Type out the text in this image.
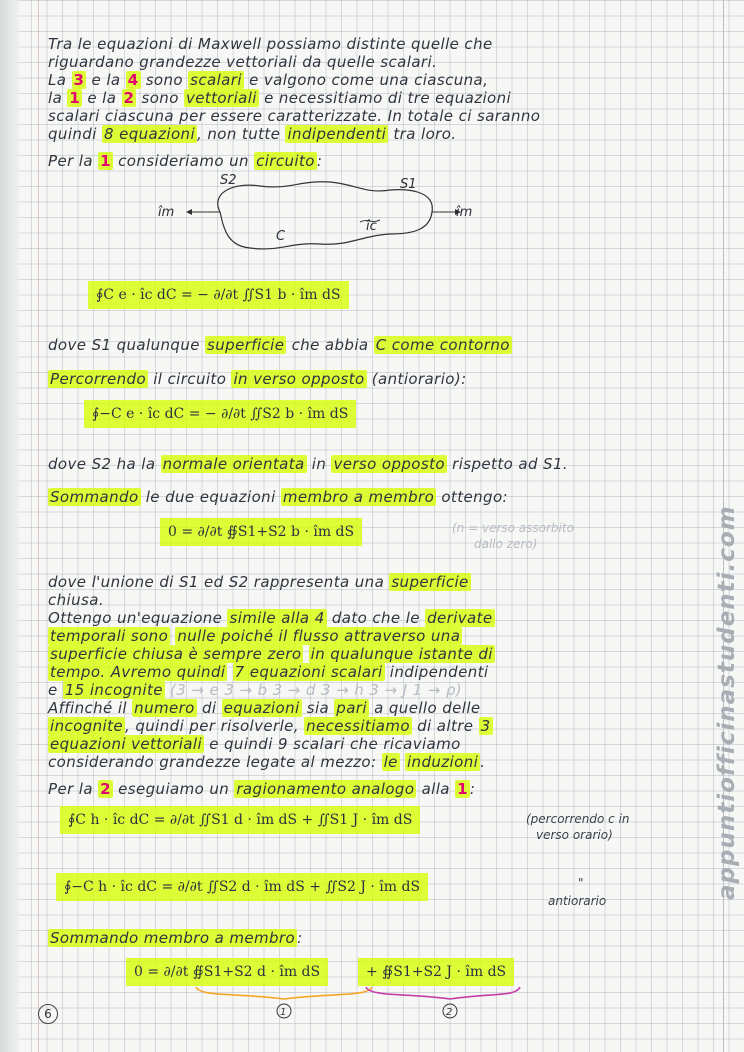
Tra le equazioni di Maxwell possiamo distinte quelle che
riguardano grandezze vettoriali da quelle scalari.
La 3 e la 4 sono scalari e valgono come una ciascuna,
la 1 e la 2 sono vettoriali e necessitiamo di tre equazioni
scalari ciascuna per essere caratterizzate. In totale ci saranno
quindi 8 equazioni , non tutte indipendenti tra loro.
Per la 1 consideriamo un circuito :
S2	S1
îm	îm
îc
C
∮C e · îc dC = − ∂/∂t ∬S1 b · îm dS
dove S1 qualunque superficie che abbia C come contorno
Percorrendo il circuito in verso opposto (antiorario):
∮−C e · îc dC = − ∂/∂t ∬S2 b · îm dS
dove S2 ha la normale orientata in verso opposto rispetto ad S1.
Sommando le due equazioni membro a membro ottengo:
0 = ∂/∂t ∯S1+S2 b · îm dS	(n = verso assorbito
dallo zero)
dove l'unione di S1 ed S2 rappresenta una superficie
chiusa.
Ottengo un'equazione simile alla 4 dato che le derivate
temporali sono nulle poiché il flusso attraverso una
superficie chiusa è sempre zero in qualunque istante di
tempo. Avremo quindi 7 equazioni scalari indipendenti
e 15 incognite (3 → e 3 → b 3 → d 3 → h 3 → J 1 → ρ)
Affinché il numero di equazioni sia pari a quello delle
incognite , quindi per risolverle, necessitiamo di altre 3
equazioni vettoriali e quindi 9 scalari che ricaviamo
considerando grandezze legate al mezzo: le induzioni .
Per la 2 eseguiamo un ragionamento analogo alla 1 :
∮C h · îc dC = ∂/∂t ∬S1 d · îm dS + ∬S1 J · îm dS	(percorrendo c in
verso orario)
∮−C h · îc dC = ∂/∂t ∬S2 d · îm dS + ∬S2 J · îm dS	"
antiorario
Sommando membro a membro :
0 = ∂/∂t ∯S1+S2 d · îm dS	+ ∯S1+S2 J · îm dS
1	2
6
appuntiofficinastudenti.com
